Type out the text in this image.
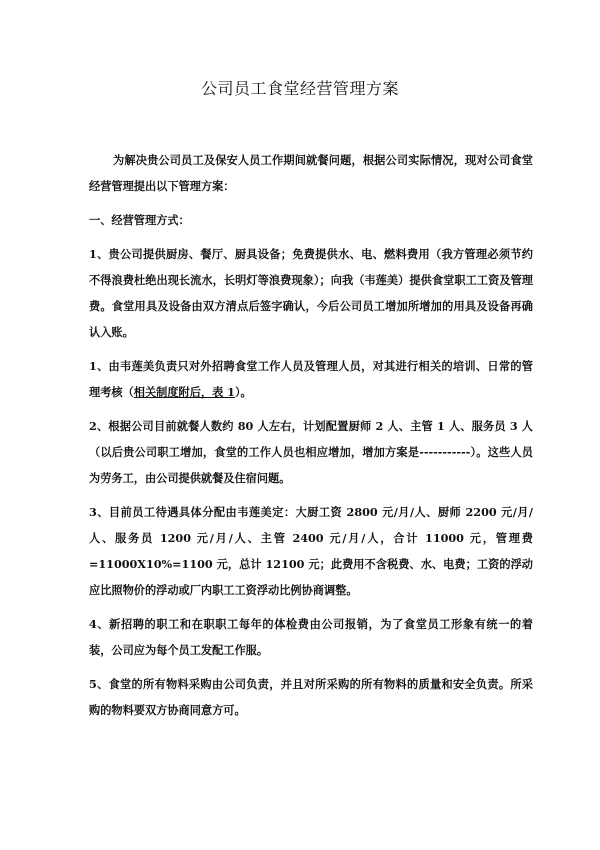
公司员工食堂经营管理方案

为解决贵公司员工及保安人员工作期间就餐问题，根据公司实际情况，现对公司食堂经营管理提出以下管理方案：

一、经营管理方式：

1、贵公司提供厨房、餐厅、厨具设备；免费提供水、电、燃料费用（我方管理必须节约不得浪费杜绝出现长流水，长明灯等浪费现象）；向我（韦莲美）提供食堂职工工资及管理费。食堂用具及设备由双方清点后签字确认，今后公司员工增加所增加的用具及设备再确认入账。

1、由韦莲美负责只对外招聘食堂工作人员及管理人员，对其进行相关的培训、日常的管理考核（相关制度附后，表 1）。

2、根据公司目前就餐人数约 80 人左右，计划配置厨师 2 人、主管 1 人、服务员 3 人（以后贵公司职工增加，食堂的工作人员也相应增加，增加方案是-----------）。这些人员为劳务工，由公司提供就餐及住宿问题。

3、目前员工待遇具体分配由韦莲美定：大厨工资 2800 元/月/人、厨师 2200 元/月/人、服务员 1200 元/月/人、主管 2400 元/月/人，合计 11000 元，管理费=11000X10%=1100 元，总计 12100 元；此费用不含税费、水、电费；工资的浮动应比照物价的浮动或厂内职工工资浮动比例协商调整。

4、新招聘的职工和在职职工每年的体检费由公司报销，为了食堂员工形象有统一的着装，公司应为每个员工发配工作服。

5、食堂的所有物料采购由公司负责，并且对所采购的所有物料的质量和安全负责。所采购的物料要双方协商同意方可。
